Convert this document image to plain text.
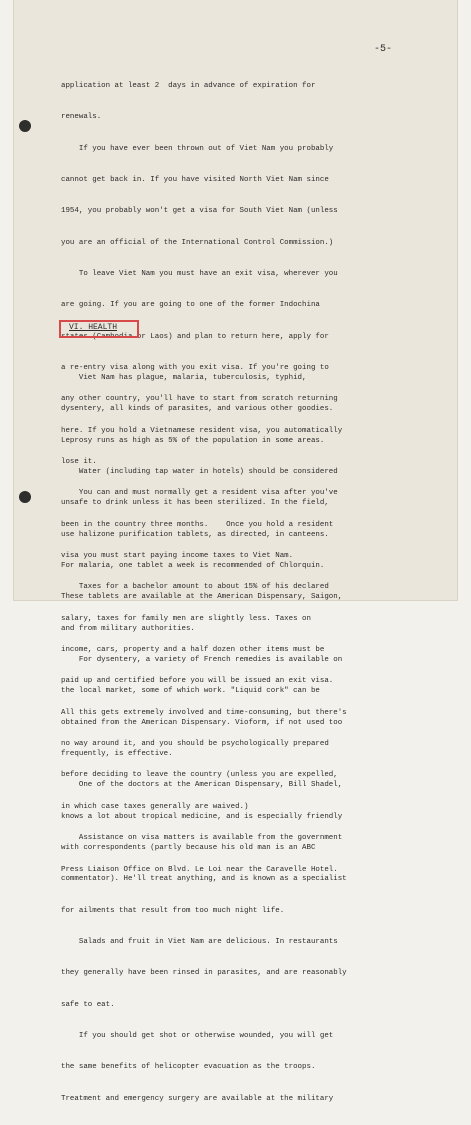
-5-

application at least 2  days in advance of expiration for

renewals.

If you have ever been thrown out of Viet Nam you probably

cannot get back in. If you have visited North Viet Nam since

1954, you probably won't get a visa for South Viet Nam (unless

you are an official of the International Control Commission.)

To leave Viet Nam you must have an exit visa, wherever you

are going. If you are going to one of the former Indochina

states (Cambodia or Laos) and plan to return here, apply for

a re-entry visa along with you exit visa. If you're going to

any other country, you'll have to start from scratch returning

here. If you hold a Vietnamese resident visa, you automatically

lose it.

You can and must normally get a resident visa after you've

been in the country three months.    Once you hold a resident

visa you must start paying income taxes to Viet Nam.

Taxes for a bachelor amount to about 15% of his declared

salary, taxes for family men are slightly less. Taxes on

income, cars, property and a half dozen other items must be

paid up and certified before you will be issued an exit visa.

All this gets extremely involved and time-consuming, but there's

no way around it, and you should be psychologically prepared

before deciding to leave the country (unless you are expelled,

in which case taxes generally are waived.)

Assistance on visa matters is available from the government

Press Liaison Office on Blvd. Le Loi near the Caravelle Hotel.

VI. HEALTH

Viet Nam has plague, malaria, tuberculosis, typhid,

dysentery, all kinds of parasites, and various other goodies.

Leprosy runs as high as 5% of the population in some areas.

Water (including tap water in hotels) should be considered

unsafe to drink unless it has been sterilized. In the field,

use halizone purification tablets, as directed, in canteens.

For malaria, one tablet a week is recommended of Chlorquin.

These tablets are available at the American Dispensary, Saigon,

and from military authorities.

For dysentery, a variety of French remedies is available on

the local market, some of which work. "Liquid cork" can be

obtained from the American Dispensary. Vioform, if not used too

frequently, is effective.

One of the doctors at the American Dispensary, Bill Shadel,

knows a lot about tropical medicine, and is especially friendly

with correspondents (partly because his old man is an ABC

commentator). He'll treat anything, and is known as a specialist

for ailments that result from too much night life.

Salads and fruit in Viet Nam are delicious. In restaurants

they generally have been rinsed in parasites, and are reasonably

safe to eat.

If you should get shot or otherwise wounded, you will get

the same benefits of helicopter evacuation as the troops.

Treatment and emergency surgery are available at the military
